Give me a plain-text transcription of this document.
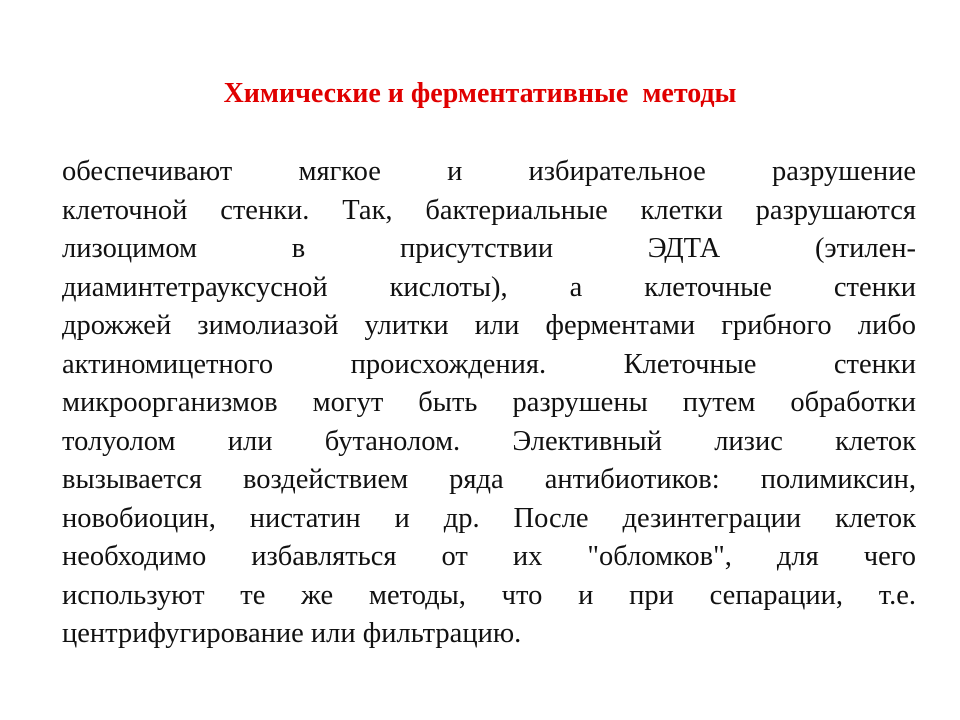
Химические и ферментативные  методы
обеспечивают мягкое и избирательное разрушение
клеточной стенки. Так, бактериальные клетки разрушаются
лизоцимом в присутствии ЭДТА (этилен-
диаминтетрауксусной кислоты), а клеточные стенки
дрожжей зимолиазой улитки или ферментами грибного либо
актиномицетного происхождения. Клеточные стенки
микроорганизмов могут быть разрушены путем обработки
толуолом или бутанолом. Элективный лизис клеток
вызывается воздействием ряда антибиотиков: полимиксин,
новобиоцин, нистатин и др. После дезинтеграции клеток
необходимо избавляться от их "обломков", для чего
используют те же методы, что и при сепарации, т.е.
центрифугирование или фильтрацию.
